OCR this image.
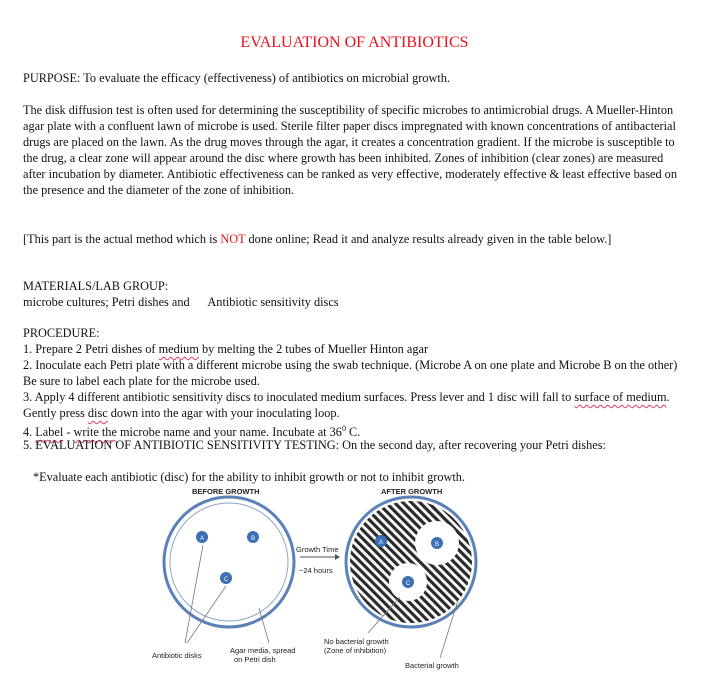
EVALUATION OF ANTIBIOTICS
PURPOSE: To evaluate the efficacy (effectiveness) of antibiotics on microbial growth.
The disk diffusion test is often used for determining the susceptibility of specific microbes to antimicrobial drugs. A Mueller-Hinton agar plate with a confluent lawn of microbe is used. Sterile filter paper discs impregnated with known concentrations of antibacterial drugs are placed on the lawn. As the drug moves through the agar, it creates a concentration gradient. If the microbe is susceptible to the drug, a clear zone will appear around the disc where growth has been inhibited. Zones of inhibition (clear zones) are measured after incubation by diameter. Antibiotic effectiveness can be ranked as very effective, moderately effective & least effective based on the presence and the diameter of the zone of inhibition.
[This part is the actual method which is NOT done online; Read it and analyze results already given in the table below.]
MATERIALS/LAB GROUP:
microbe cultures; Petri dishes and      Antibiotic sensitivity discs
PROCEDURE:
1. Prepare 2 Petri dishes of medium by melting the 2 tubes of Mueller Hinton agar
2. Inoculate each Petri plate with a different microbe using the swab technique. (Microbe A on one plate and Microbe B on the other) Be sure to label each plate for the microbe used.
3. Apply 4 different antibiotic sensitivity discs to inoculated medium surfaces. Press lever and 1 disc will fall to surface of medium. Gently press disc down into the agar with your inoculating loop.
4. Label - write the microbe name and your name. Incubate at $36^0$ C.
5. EVALUATION OF ANTIBIOTIC SENSITIVITY TESTING: On the second day, after recovering your Petri dishes:
*Evaluate each antibiotic (disc) for the ability to inhibit growth or not to inhibit growth.
A	B
C
A	B
C
BEFORE GROWTH	AFTER GROWTH
Growth Time
~24 hours
Antibiotic disks
Agar media, spread
on Petri dish
No bacterial growth
(Zone of inhibition)
Bacterial growth
